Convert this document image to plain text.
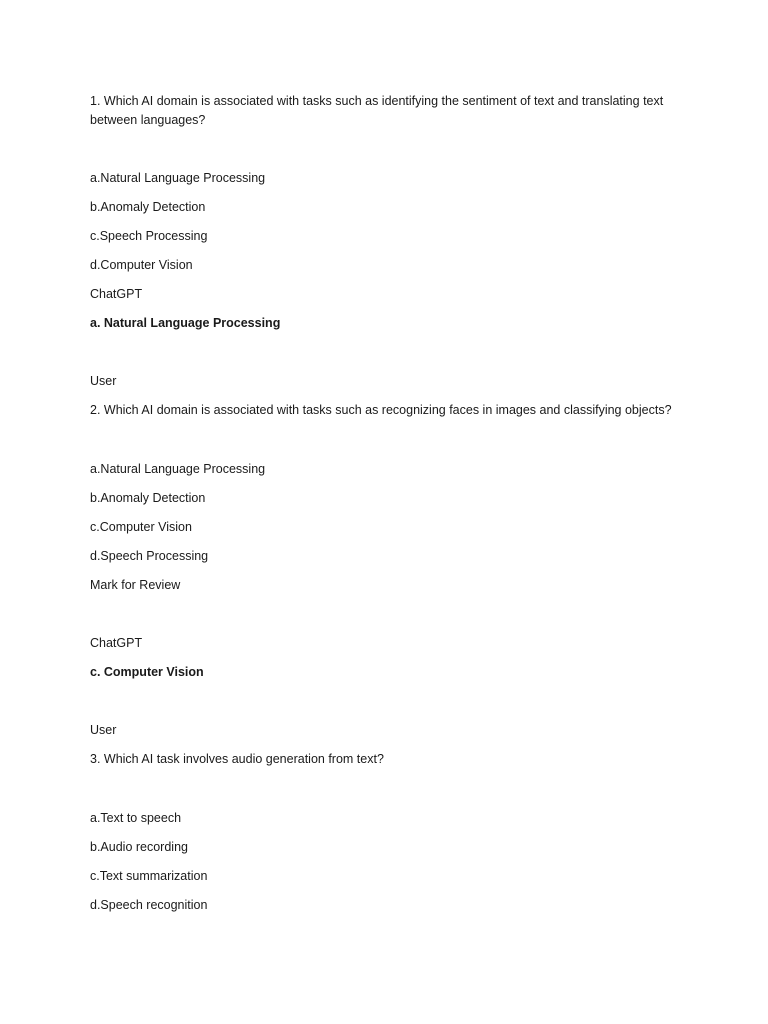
1. Which AI domain is associated with tasks such as identifying the sentiment of text and translating text between languages?

a.Natural Language Processing

b.Anomaly Detection

c.Speech Processing

d.Computer Vision

ChatGPT

a. Natural Language Processing

User

2. Which AI domain is associated with tasks such as recognizing faces in images and classifying objects?

a.Natural Language Processing

b.Anomaly Detection

c.Computer Vision

d.Speech Processing

Mark for Review

ChatGPT

c. Computer Vision

User

3. Which AI task involves audio generation from text?

a.Text to speech

b.Audio recording

c.Text summarization

d.Speech recognition
